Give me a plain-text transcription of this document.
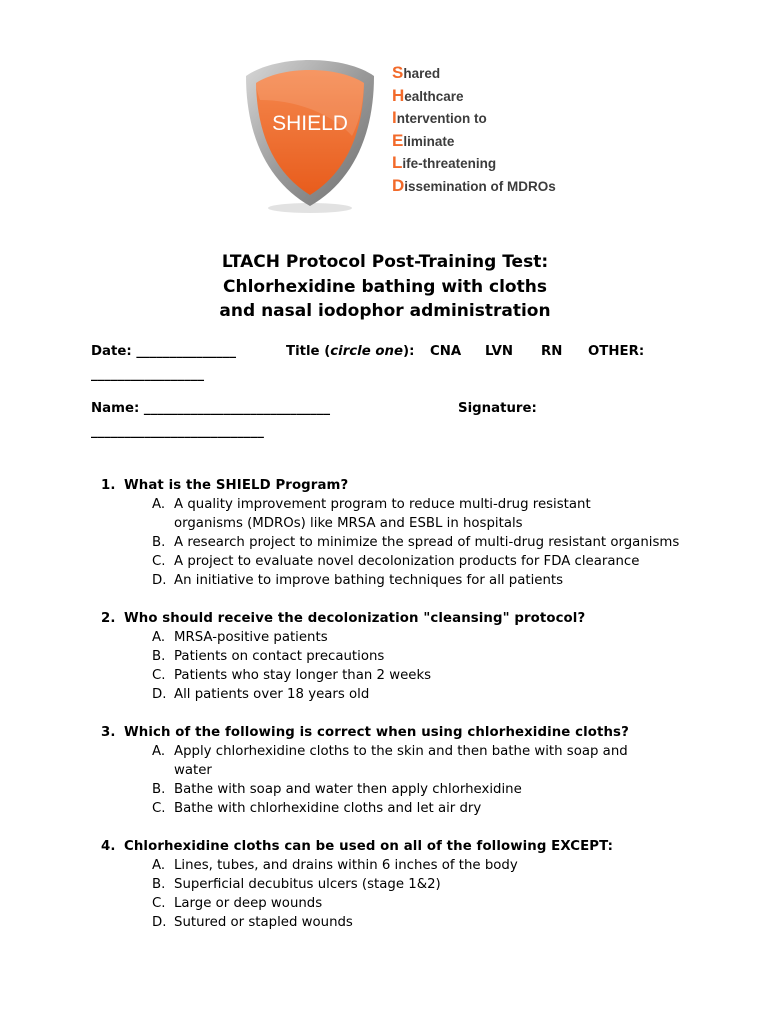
SHIELD
Shared
Healthcare
Intervention to
Eliminate
Life-threatening
Dissemination of MDROs
LTACH Protocol Post-Training Test:
Chlorhexidine bathing with cloths
and nasal iodophor administration
Date: _______________	Title (circle one): CNA LVN RN OTHER:
_________________
Name: ____________________________	Signature:
__________________________
1. What is the SHIELD Program?
A. A quality improvement program to reduce multi-drug resistant organisms (MDROs) like MRSA and ESBL in hospitals
B. A research project to minimize the spread of multi-drug resistant organisms
C. A project to evaluate novel decolonization products for FDA clearance
D. An initiative to improve bathing techniques for all patients
2. Who should receive the decolonization "cleansing" protocol?
A. MRSA-positive patients
B. Patients on contact precautions
C. Patients who stay longer than 2 weeks
D. All patients over 18 years old
3. Which of the following is correct when using chlorhexidine cloths?
A. Apply chlorhexidine cloths to the skin and then bathe with soap and water
B. Bathe with soap and water then apply chlorhexidine
C. Bathe with chlorhexidine cloths and let air dry
4. Chlorhexidine cloths can be used on all of the following EXCEPT:
A. Lines, tubes, and drains within 6 inches of the body
B. Superficial decubitus ulcers (stage 1&2)
C. Large or deep wounds
D. Sutured or stapled wounds
